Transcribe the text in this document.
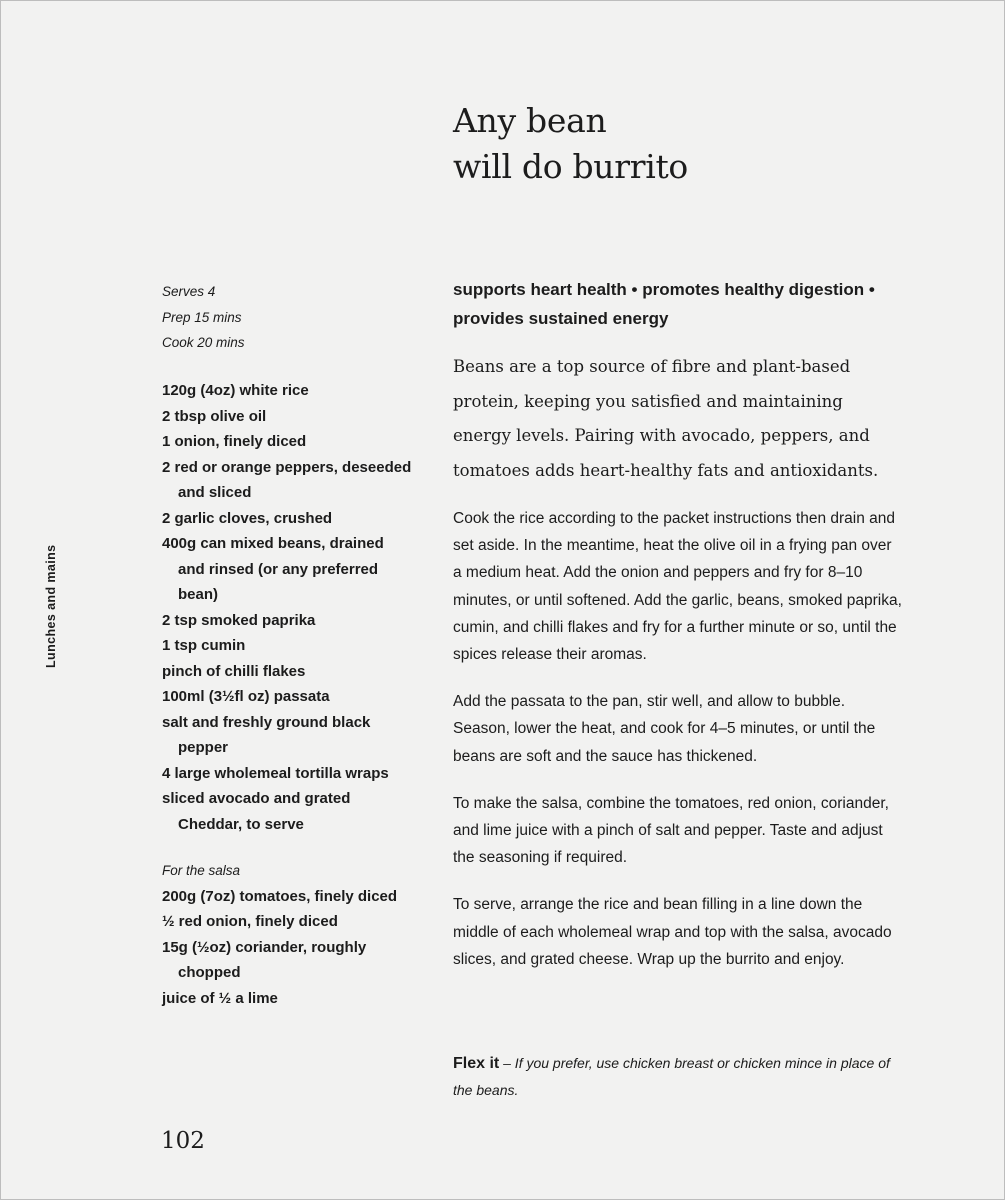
Any bean
will do burrito
Lunches and mains
Serves 4
Prep 15 mins
Cook 20 mins
120g (4oz) white rice
2 tbsp olive oil
1 onion, finely diced
2 red or orange peppers, deseeded and sliced
2 garlic cloves, crushed
400g can mixed beans, drained and rinsed (or any preferred bean)
2 tsp smoked paprika
1 tsp cumin
pinch of chilli flakes
100ml (3½fl oz) passata
salt and freshly ground black pepper
4 large wholemeal tortilla wraps
sliced avocado and grated Cheddar, to serve
For the salsa
200g (7oz) tomatoes, finely diced
½ red onion, finely diced
15g (½oz) coriander, roughly chopped
juice of ½ a lime
supports heart health • promotes healthy digestion • provides sustained energy
Beans are a top source of fibre and plant-based protein, keeping you satisfied and maintaining energy levels. Pairing with avocado, peppers, and tomatoes adds heart-healthy fats and antioxidants.

Cook the rice according to the packet instructions then drain and set aside. In the meantime, heat the olive oil in a frying pan over a medium heat. Add the onion and peppers and fry for 8–10 minutes, or until softened. Add the garlic, beans, smoked paprika, cumin, and chilli flakes and fry for a further minute or so, until the spices release their aromas.

Add the passata to the pan, stir well, and allow to bubble. Season, lower the heat, and cook for 4–5 minutes, or until the beans are soft and the sauce has thickened.

To make the salsa, combine the tomatoes, red onion, coriander, and lime juice with a pinch of salt and pepper. Taste and adjust the seasoning if required.

To serve, arrange the rice and bean filling in a line down the middle of each wholemeal wrap and top with the salsa, avocado slices, and grated cheese. Wrap up the burrito and enjoy.

Flex it – If you prefer, use chicken breast or chicken mince in place of the beans.
102
